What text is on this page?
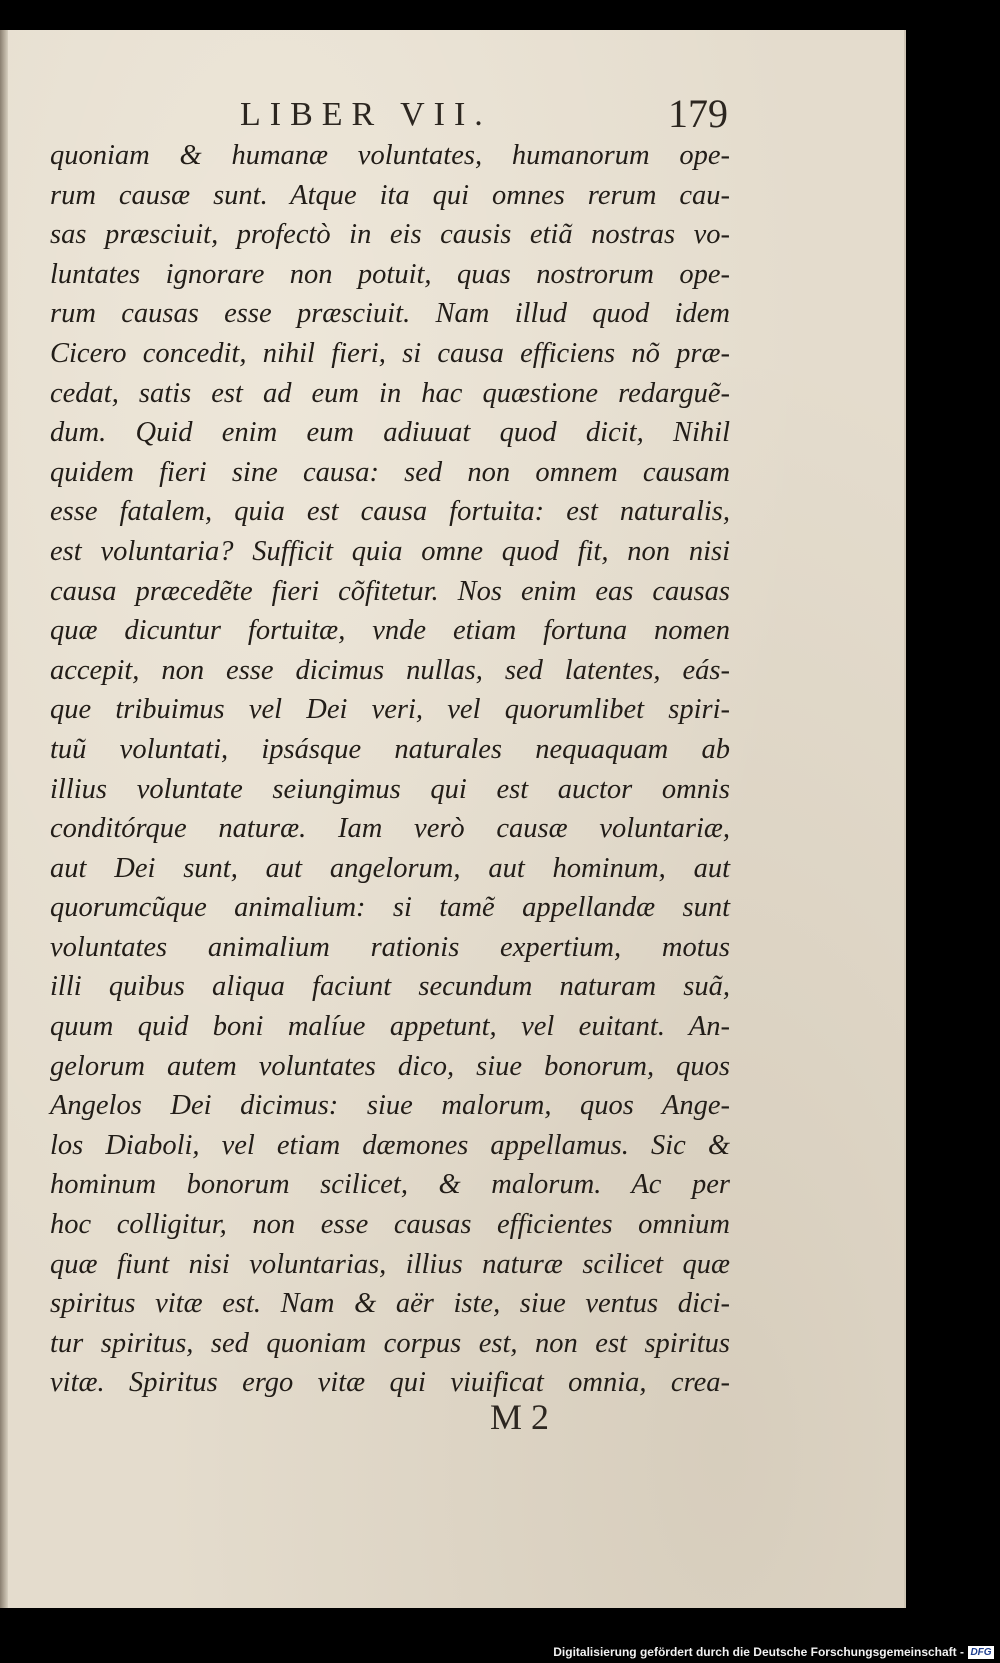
LIBER VII.	179
quoniam & humanæ voluntates, humanorum ope-
rum causæ sunt. Atque ita qui omnes rerum cau-
sas præsciuit, profectò in eis causis etiã nostras vo-
luntates ignorare non potuit, quas nostrorum ope-
rum causas esse præsciuit. Nam illud quod idem
Cicero concedit, nihil fieri, si causa efficiens nõ præ-
cedat, satis est ad eum in hac quæstione redarguẽ-
dum. Quid enim eum adiuuat quod dicit, Nihil
quidem fieri sine causa: sed non omnem causam
esse fatalem, quia est causa fortuita: est naturalis,
est voluntaria? Sufficit quia omne quod fit, non nisi
causa præcedẽte fieri cõfitetur. Nos enim eas causas
quæ dicuntur fortuitæ, vnde etiam fortuna nomen
accepit, non esse dicimus nullas, sed latentes, eás-
que tribuimus vel Dei veri, vel quorumlibet spiri-
tuũ voluntati, ipsásque naturales nequaquam ab
illius voluntate seiungimus qui est auctor omnis
conditórque naturæ. Iam verò causæ voluntariæ,
aut Dei sunt, aut angelorum, aut hominum, aut
quorumcũque animalium: si tamẽ appellandæ sunt
voluntates animalium rationis expertium, motus
illi quibus aliqua faciunt secundum naturam suã,
quum quid boni malíue appetunt, vel euitant. An-
gelorum autem voluntates dico, siue bonorum, quos
Angelos Dei dicimus: siue malorum, quos Ange-
los Diaboli, vel etiam dæmones appellamus. Sic &
hominum bonorum scilicet, & malorum. Ac per
hoc colligitur, non esse causas efficientes omnium
quæ fiunt nisi voluntarias, illius naturæ scilicet quæ
spiritus vitæ est. Nam & aër iste, siue ventus dici-
tur spiritus, sed quoniam corpus est, non est spiritus
vitæ. Spiritus ergo vitæ qui viuificat omnia, crea-
M 2
Digitalisierung gefördert durch die Deutsche Forschungsgemeinschaft - DFG
